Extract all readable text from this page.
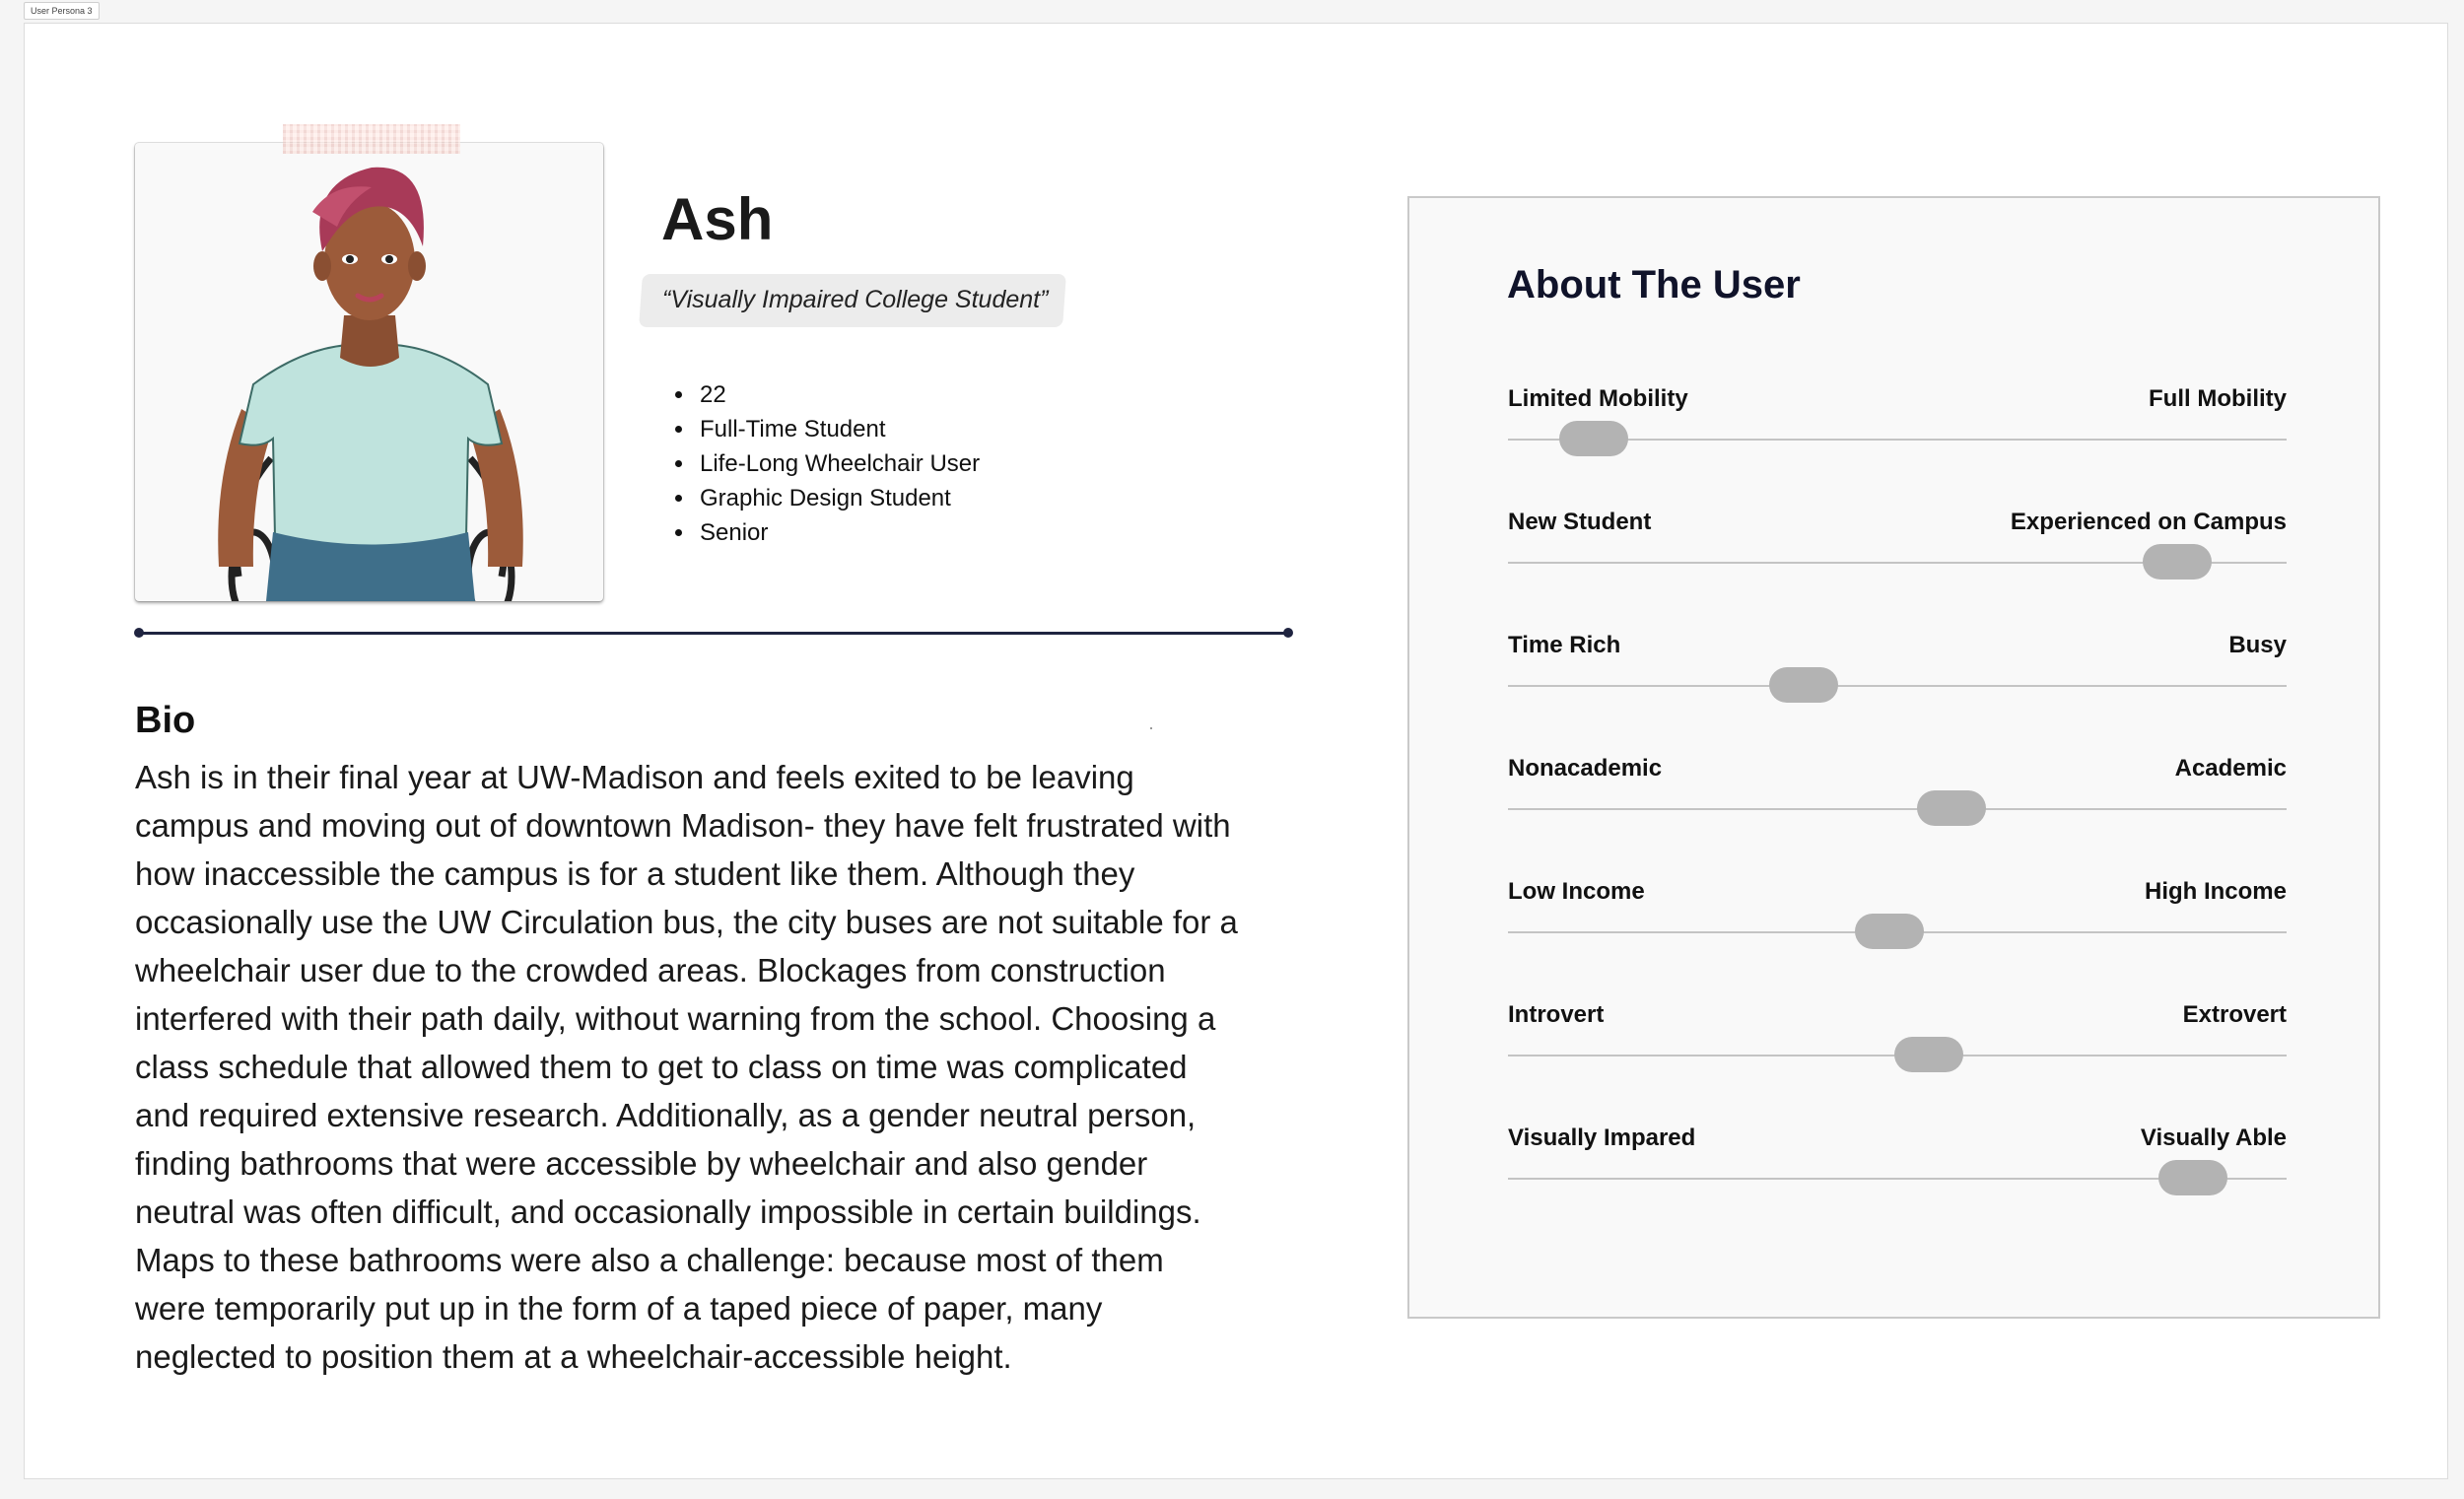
User Persona 3
Ash
“Visually Impaired College Student”
• 22
• Full-Time Student
• Life-Long Wheelchair User
• Graphic Design Student
• Senior
Bio

Ash is in their final year at UW-Madison and feels exited to be leaving campus and moving out of downtown Madison- they have felt frustrated with how inaccessible the campus is for a student like them. Although they occasionally use the UW Circulation bus, the city buses are not suitable for a wheelchair user due to the crowded areas. Blockages from construction interfered with their path daily, without warning from the school. Choosing a class schedule that allowed them to get to class on time was complicated and required extensive research. Additionally, as a gender neutral person, finding bathrooms that were accessible by wheelchair and also gender neutral was often difficult, and occasionally impossible in certain buildings. Maps to these bathrooms were also a challenge: because most of them were temporarily put up in the form of a taped piece of paper, many neglected to position them at a wheelchair-accessible height.

About The User
Limited Mobility	Full Mobility
New Student	Experienced on Campus
Time Rich	Busy
Nonacademic	Academic
Low Income	High Income
Introvert	Extrovert
Visually Impared	Visually Able
